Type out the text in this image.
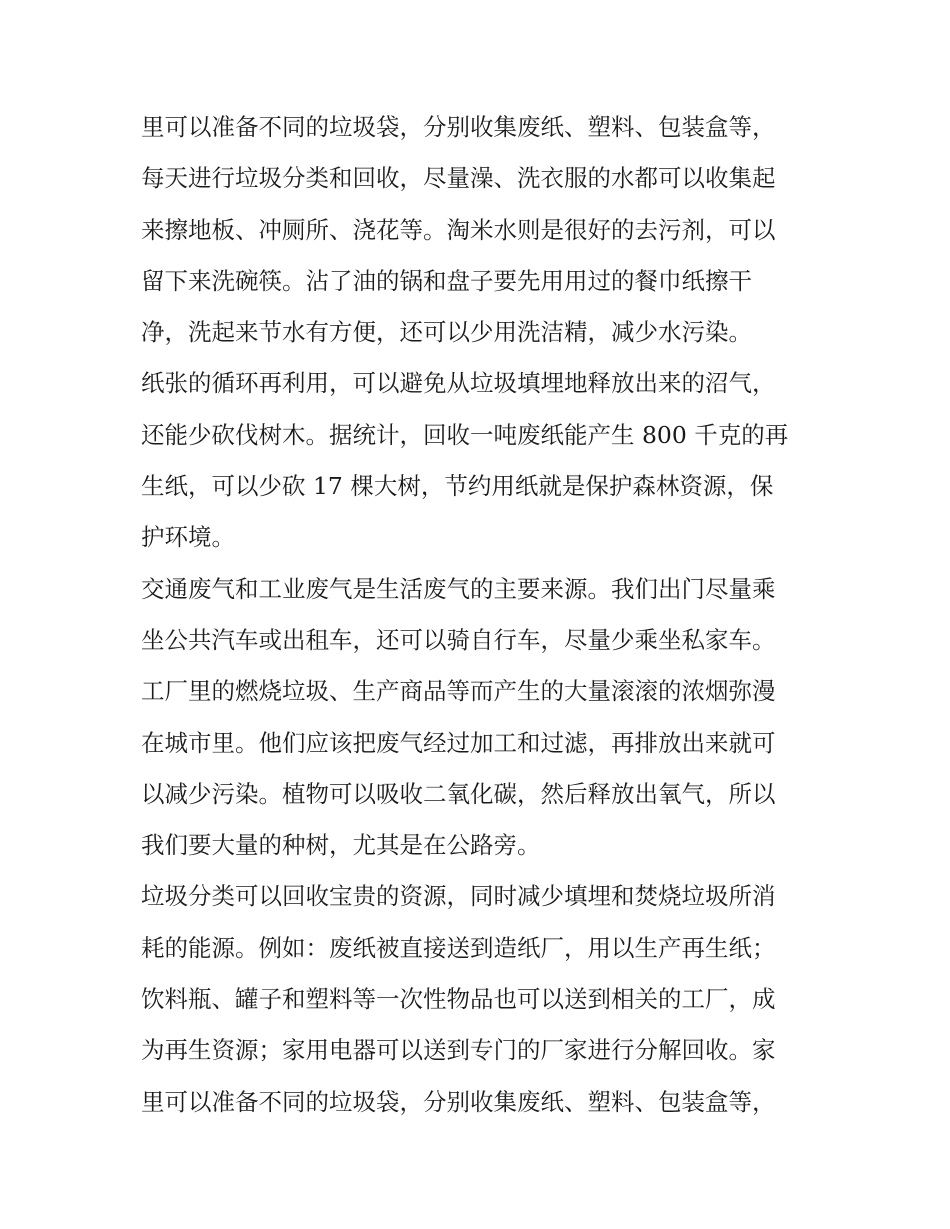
里可以准备不同的垃圾袋，分别收集废纸、塑料、包装盒等，
每天进行垃圾分类和回收，尽量澡、洗衣服的水都可以收集起
来擦地板、冲厕所、浇花等。淘米水则是很好的去污剂，可以
留下来洗碗筷。沾了油的锅和盘子要先用用过的餐巾纸擦干
净，洗起来节水有方便，还可以少用洗洁精，减少水污染。
纸张的循环再利用，可以避免从垃圾填埋地释放出来的沼气，
还能少砍伐树木。据统计，回收一吨废纸能产生 800 千克的再
生纸，可以少砍 17 棵大树，节约用纸就是保护森林资源，保
护环境。
交通废气和工业废气是生活废气的主要来源。我们出门尽量乘
坐公共汽车或出租车，还可以骑自行车，尽量少乘坐私家车。
工厂里的燃烧垃圾、生产商品等而产生的大量滚滚的浓烟弥漫
在城市里。他们应该把废气经过加工和过滤，再排放出来就可
以减少污染。植物可以吸收二氧化碳，然后释放出氧气，所以
我们要大量的种树，尤其是在公路旁。
垃圾分类可以回收宝贵的资源，同时减少填埋和焚烧垃圾所消
耗的能源。例如：废纸被直接送到造纸厂，用以生产再生纸；
饮料瓶、罐子和塑料等一次性物品也可以送到相关的工厂，成
为再生资源；家用电器可以送到专门的厂家进行分解回收。家
里可以准备不同的垃圾袋，分别收集废纸、塑料、包装盒等，
